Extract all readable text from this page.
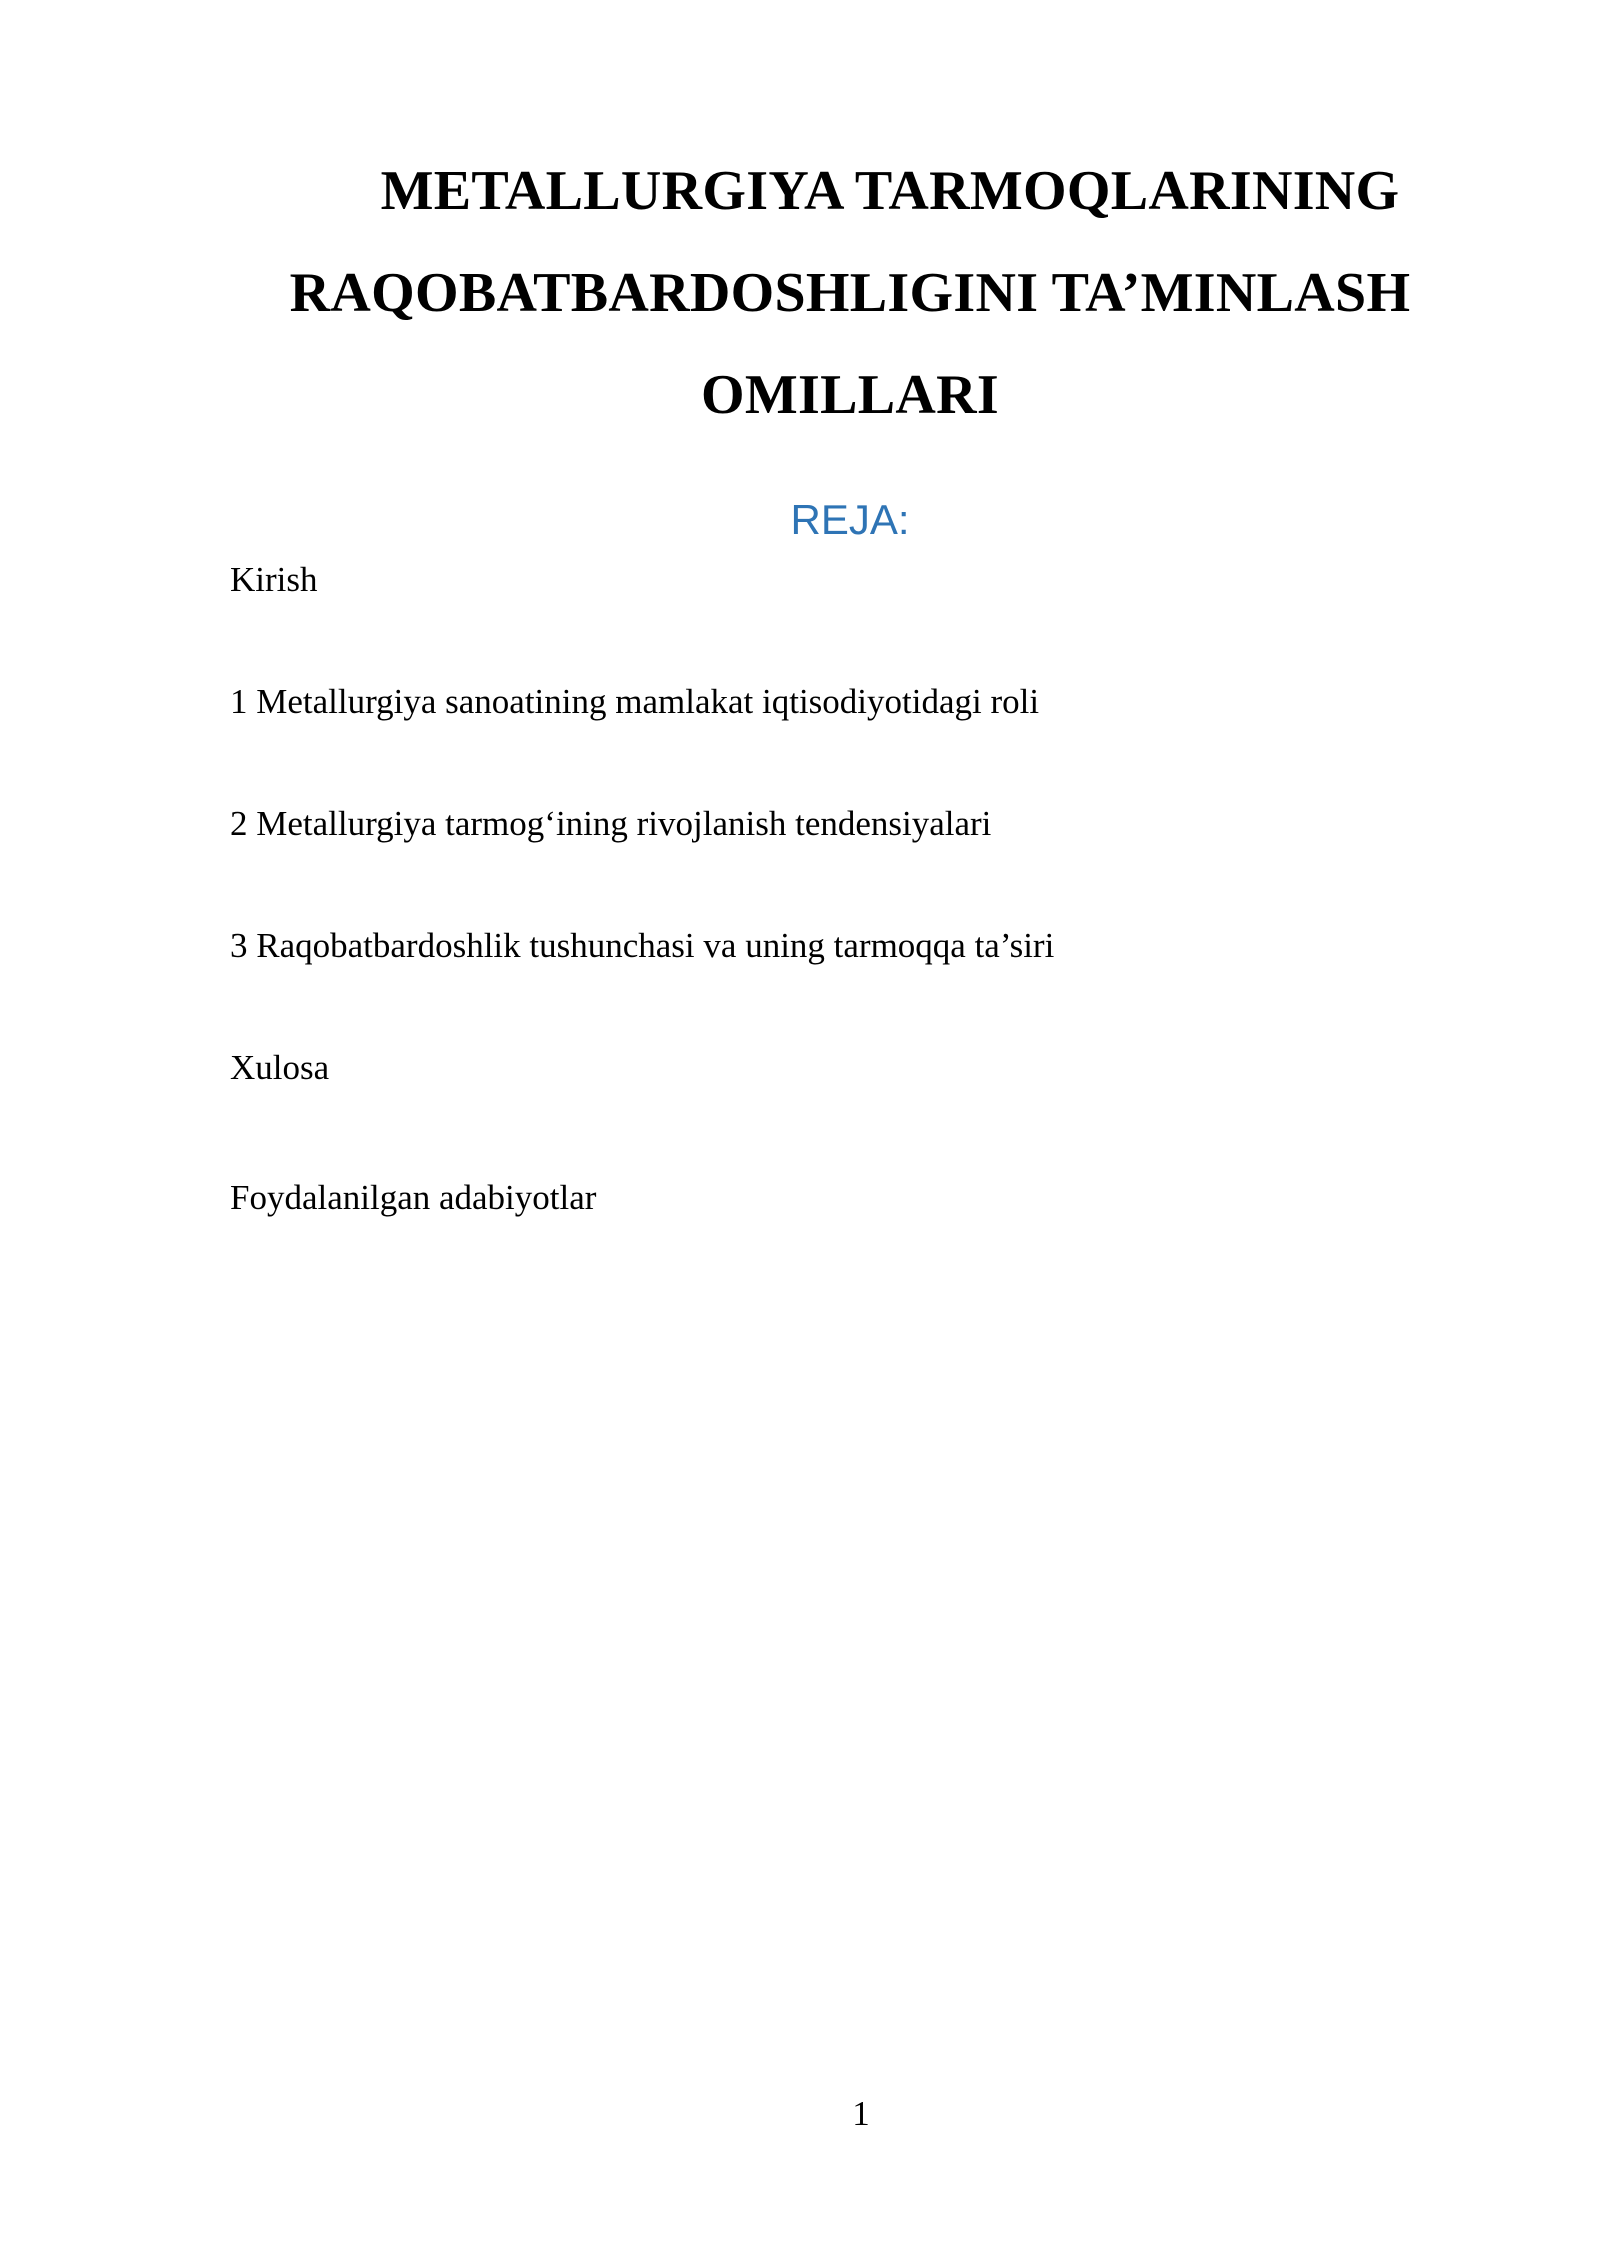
METALLURGIYA TARMOQLARINING
RAQOBATBARDOSHLIGINI TA’MINLASH
OMILLARI
REJA:
Kirish
1 Metallurgiya sanoatining mamlakat iqtisodiyotidagi roli
2 Metallurgiya tarmog‘ining rivojlanish tendensiyalari
3 Raqobatbardoshlik tushunchasi va uning tarmoqqa ta’siri
Xulosa
Foydalanilgan adabiyotlar
1
